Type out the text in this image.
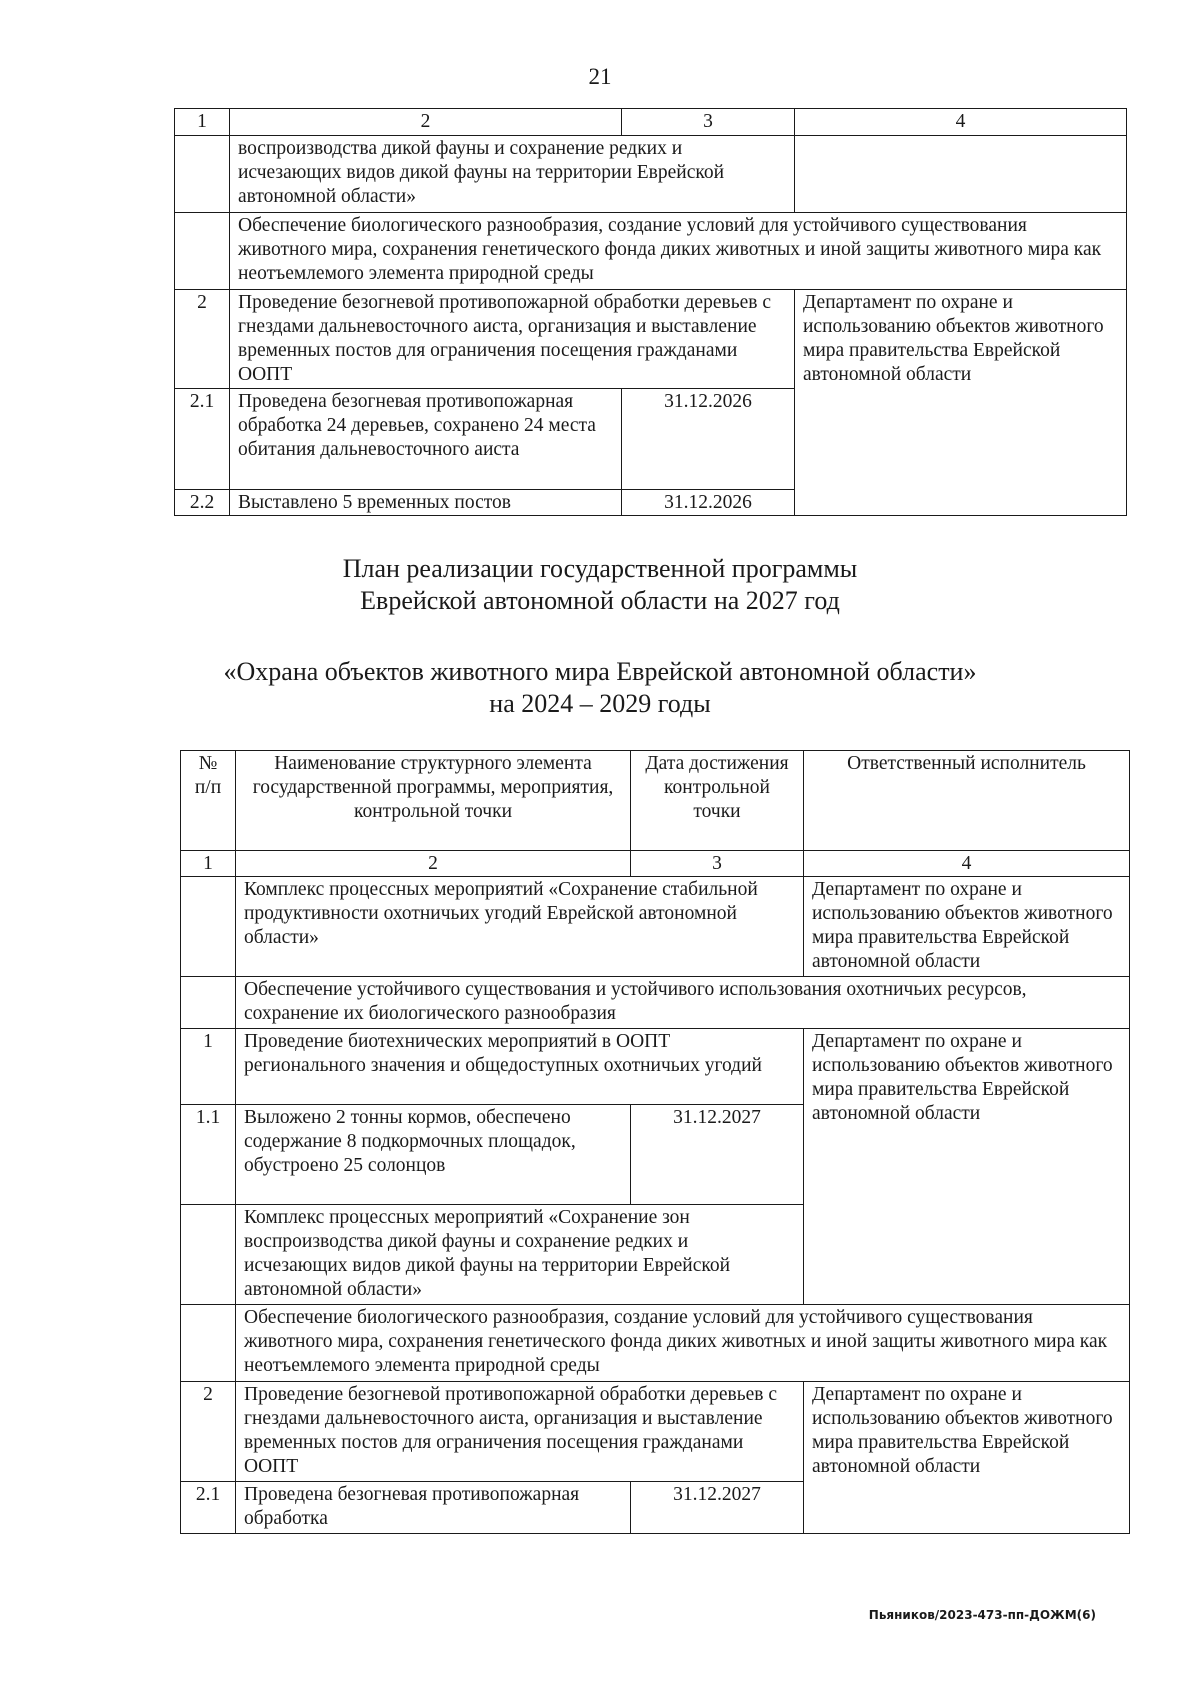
21
1	2	3	4
	воспроизводства дикой фауны и сохранение редких и исчезающих видов дикой фауны на территории Еврейской автономной области»		
	Обеспечение биологического разнообразия, создание условий для устойчивого существования животного мира, сохранения генетического фонда диких животных и иной защиты животного мира как неотъемлемого элемента природной среды		
2	Проведение безогневой противопожарной обработки деревьев с гнездами дальневосточного аиста, организация и выставление временных постов для ограничения посещения гражданами ООПТ		Департамент по охране и использованию объектов животного мира правительства Еврейской автономной области
2.1	Проведена безогневая противопожарная обработка 24 деревьев, сохранено 24 места обитания дальневосточного аиста	31.12.2026	
2.2	Выставлено 5 временных постов	31.12.2026	
План реализации государственной программы
Еврейской автономной области на 2027 год
«Охрана объектов животного мира Еврейской автономной области»
на 2024 – 2029 годы
№ п/п	Наименование структурного элемента государственной программы, мероприятия, контрольной точки	Дата достижения контрольной точки	Ответственный исполнитель
1	2	3	4
	Комплекс процессных мероприятий «Сохранение стабильной продуктивности охотничьих угодий Еврейской автономной области»		Департамент по охране и использованию объектов животного мира правительства Еврейской автономной области
	Обеспечение устойчивого существования и устойчивого использования охотничьих ресурсов, сохранение их биологического разнообразия		
1	Проведение биотехнических мероприятий в ООПТ регионального значения и общедоступных охотничьих угодий		Департамент по охране и использованию объектов животного мира правительства Еврейской автономной области
1.1	Выложено 2 тонны кормов, обеспечено содержание 8 подкормочных площадок, обустроено 25 солонцов	31.12.2027	
	Комплекс процессных мероприятий «Сохранение зон воспроизводства дикой фауны и сохранение редких и исчезающих видов дикой фауны на территории Еврейской автономной области»		
	Обеспечение биологического разнообразия, создание условий для устойчивого существования животного мира, сохранения генетического фонда диких животных и иной защиты животного мира как неотъемлемого элемента природной среды		
2	Проведение безогневой противопожарной обработки деревьев с гнездами дальневосточного аиста, организация и выставление временных постов для ограничения посещения гражданами ООПТ		Департамент по охране и использованию объектов животного мира правительства Еврейской автономной области
2.1	Проведена безогневая противопожарная обработка	31.12.2027	
Пьяников/2023-473-пп-ДОЖМ(6)
